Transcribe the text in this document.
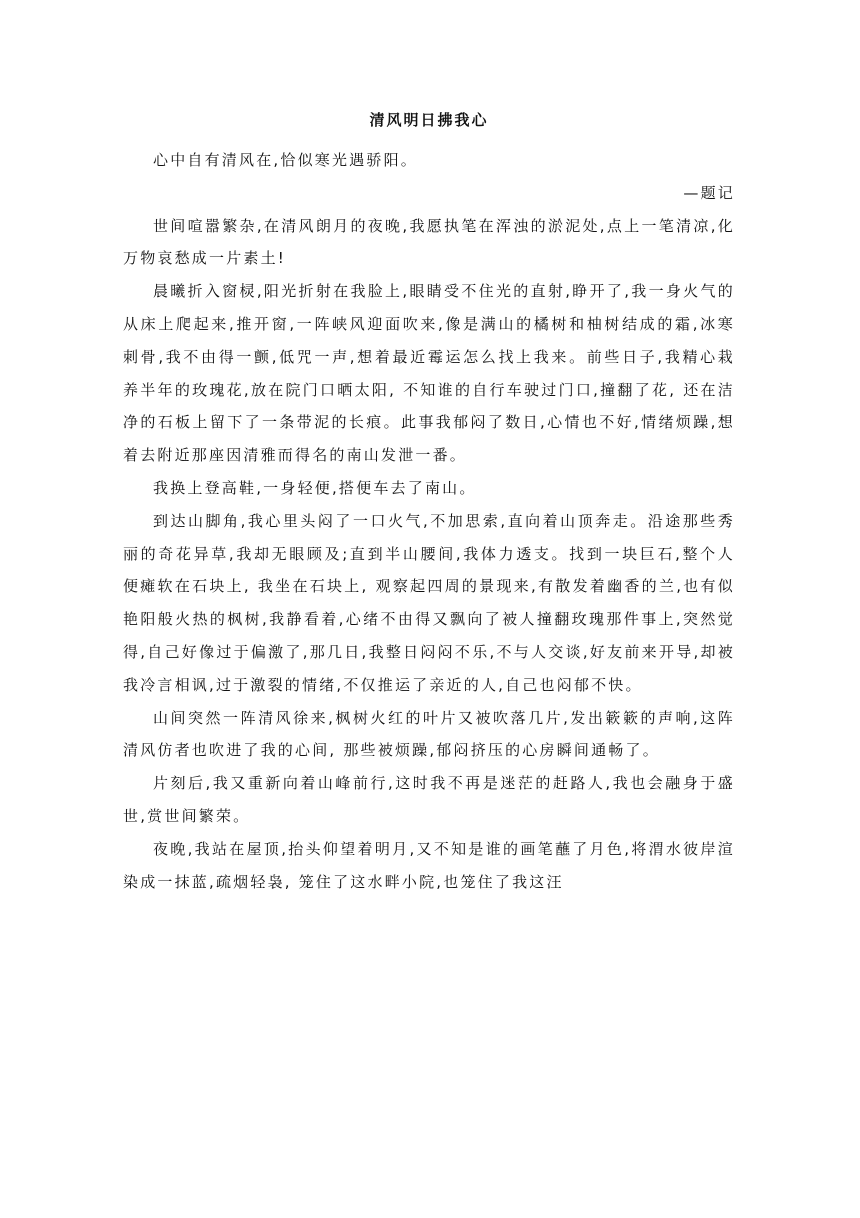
清风明日拂我心

心中自有清风在,恰似寒光遇骄阳。

—题记

世间喧嚣繁杂,在清风朗月的夜晚,我愿执笔在浑浊的淤泥处,点上一笔清凉,化万物哀愁成一片素土!

晨曦折入窗棂,阳光折射在我脸上,眼睛受不住光的直射,睁开了,我一身火气的从床上爬起来,推开窗,一阵峡风迎面吹来,像是满山的橘树和柚树结成的霜,冰寒刺骨,我不由得一颤,低咒一声,想着最近霉运怎么找上我来。前些日子,我精心栽养半年的玫瑰花,放在院门口晒太阳, 不知谁的自行车驶过门口,撞翻了花, 还在洁净的石板上留下了一条带泥的长痕。此事我郁闷了数日,心情也不好,情绪烦躁,想着去附近那座因清雅而得名的南山发泄一番。

我换上登高鞋,一身轻便,搭便车去了南山。

到达山脚角,我心里头闷了一口火气,不加思索,直向着山顶奔走。沿途那些秀丽的奇花异草,我却无眼顾及;直到半山腰间,我体力透支。找到一块巨石,整个人便瘫软在石块上, 我坐在石块上, 观察起四周的景现来,有散发着幽香的兰,也有似艳阳般火热的枫树,我静看着,心绪不由得又飘向了被人撞翻玫瑰那件事上,突然觉得,自己好像过于偏激了,那几日,我整日闷闷不乐,不与人交谈,好友前来开导,却被我冷言相讽,过于激裂的情绪,不仅推运了亲近的人,自己也闷郁不快。

山间突然一阵清风徐来,枫树火红的叶片又被吹落几片,发出簌簌的声响,这阵清风仿者也吹进了我的心间, 那些被烦躁,郁闷挤压的心房瞬间通畅了。

片刻后,我又重新向着山峰前行,这时我不再是迷茫的赶路人,我也会融身于盛世,赏世间繁荣。

夜晚,我站在屋顶,抬头仰望着明月,又不知是谁的画笔蘸了月色,将渭水彼岸渲染成一抹蓝,疏烟轻袅, 笼住了这水畔小院,也笼住了我这汪
